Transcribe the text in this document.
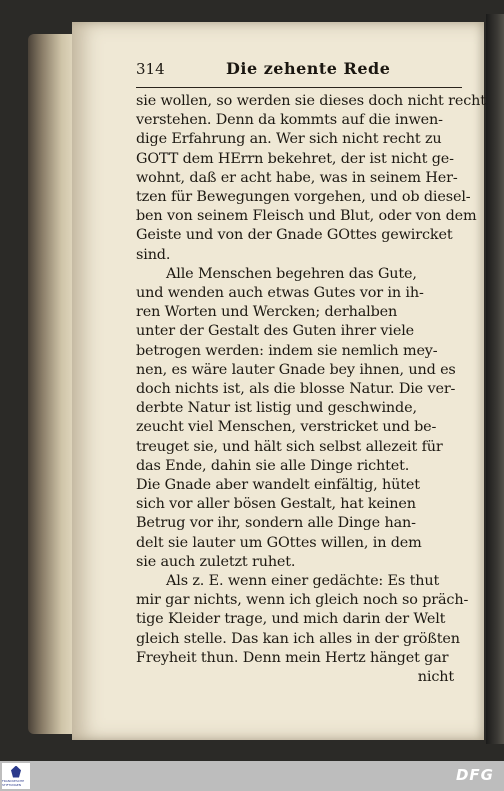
314	Die zehente Rede
sie wollen, so werden sie dieses doch nicht recht
verstehen. Denn da kommts auf die inwen-
dige Erfahrung an. Wer sich nicht recht zu
GOTT dem HErrn bekehret, der ist nicht ge-
wohnt, daß er acht habe, was in seinem Her-
tzen für Bewegungen vorgehen, und ob diesel-
ben von seinem Fleisch und Blut, oder von dem
Geiste und von der Gnade GOttes gewircket
sind.
Alle Menschen begehren das Gute,
und wenden auch etwas Gutes vor in ih-
ren Worten und Wercken; derhalben
unter der Gestalt des Guten ihrer viele
betrogen werden: indem sie nemlich mey-
nen, es wäre lauter Gnade bey ihnen, und es
doch nichts ist, als die blosse Natur. Die ver-
derbte Natur ist listig und geschwinde,
zeucht viel Menschen, verstricket und be-
treuget sie, und hält sich selbst allezeit für
das Ende, dahin sie alle Dinge richtet.
Die Gnade aber wandelt einfältig, hütet
sich vor aller bösen Gestalt, hat keinen
Betrug vor ihr, sondern alle Dinge han-
delt sie lauter um GOttes willen, in dem
sie auch zuletzt ruhet.
Als z. E. wenn einer gedächte: Es thut
mir gar nichts, wenn ich gleich noch so präch-
tige Kleider trage, und mich darin der Welt
gleich stelle. Das kan ich alles in der größten
Freyheit thun. Denn mein Hertz hänget gar
nicht
FRANCKESCHE STIFTUNGEN
DFG
